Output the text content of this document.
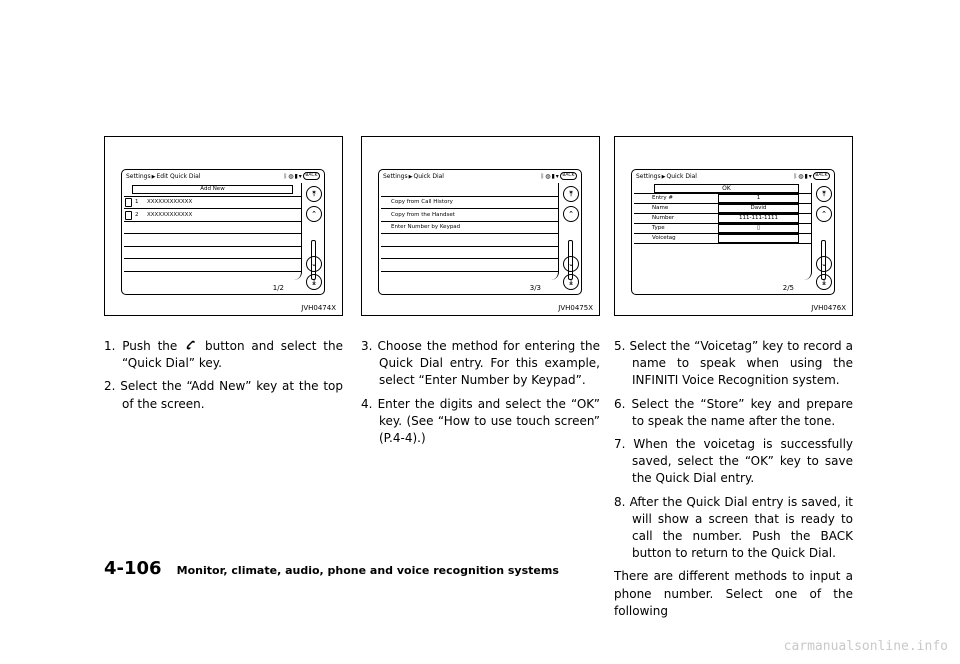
Settings▶Edit Quick Dial	ᛒ ◍ ▮ ▾ BACK
Add New
1 XXXXXXXXXXXX
2 XXXXXXXXXXXX
⤒
⌃
⌄
⤓
1/2
JVH0474X
Settings▶Quick Dial	ᛒ ◍ ▮ ▾ BACK
Copy from Call History
Copy from the Handset
Enter Number by Keypad
⤒
⌃
⌄
⤓
3/3
JVH0475X
Settings▶Quick Dial	ᛒ ◍ ▮ ▾ BACK
OK
Entry #	1
Name	David
Number	111-111-1111
Type	▯
Voicetag
⤒
⌃
⌄
⤓
2/5
JVH0476X

1. Push the button and select the “Quick Dial” key.

2. Select the “Add New” key at the top of the screen.

3. Choose the method for entering the Quick Dial entry. For this example, select “Enter Number by Keypad”.

4. Enter the digits and select the “OK” key. (See “How to use touch screen” (P.4-4).)

5. Select the “Voicetag” key to record a name to speak when using the INFINITI Voice Recognition system.

6. Select the “Store” key and prepare to speak the name after the tone.

7. When the voicetag is successfully saved, select the “OK” key to save the Quick Dial entry.

8. After the Quick Dial entry is saved, it will show a screen that is ready to call the number. Push the BACK button to return to the Quick Dial.

There are different methods to input a phone number. Select one of the following

4-106 Monitor, climate, audio, phone and voice recognition systems
carmanualsonline.info
